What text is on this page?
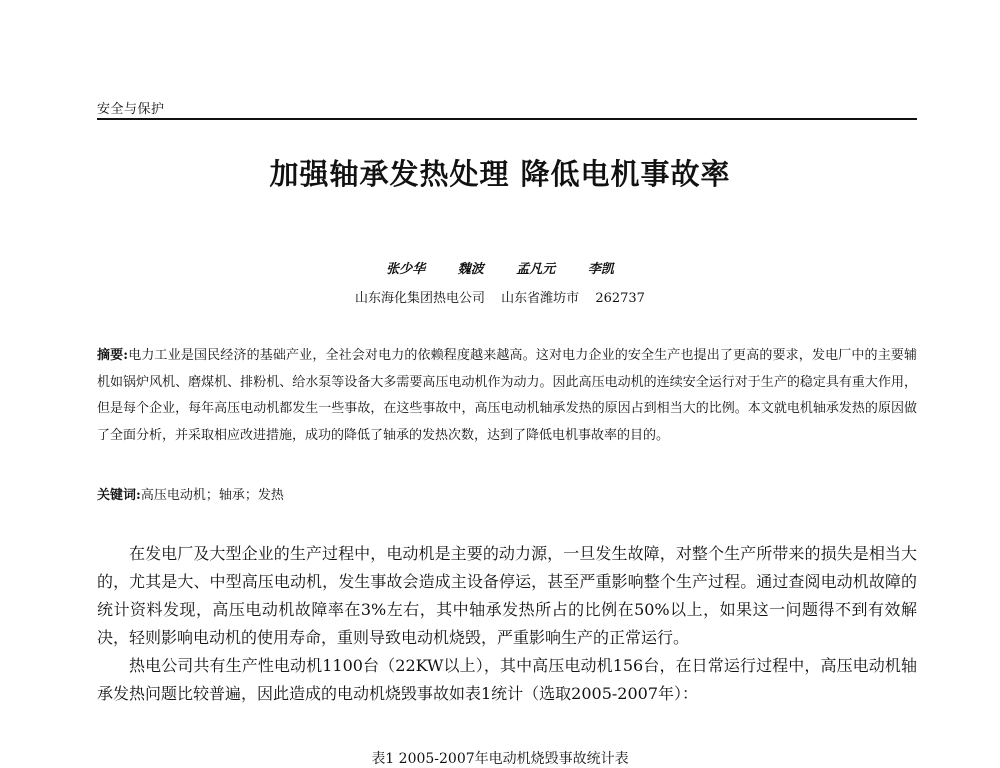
安全与保护
加强轴承发热处理 降低电机事故率
张少华	魏波	孟凡元	李凯
山东海化集团热电公司 山东省潍坊市 262737
摘要:电力工业是国民经济的基础产业，全社会对电力的依赖程度越来越高。这对电力企业的安全生产也提出了更高的要求，发电厂中的主要辅机如锅炉风机、磨煤机、排粉机、给水泵等设备大多需要高压电动机作为动力。因此高压电动机的连续安全运行对于生产的稳定具有重大作用，但是每个企业，每年高压电动机都发生一些事故，在这些事故中，高压电动机轴承发热的原因占到相当大的比例。本文就电机轴承发热的原因做了全面分析，并采取相应改进措施，成功的降低了轴承的发热次数，达到了降低电机事故率的目的。
关键词:高压电动机；轴承；发热

在发电厂及大型企业的生产过程中，电动机是主要的动力源，一旦发生故障，对整个生产所带来的损失是相当大的，尤其是大、中型高压电动机，发生事故会造成主设备停运，甚至严重影响整个生产过程。通过查阅电动机故障的统计资料发现，高压电动机故障率在3%左右，其中轴承发热所占的比例在50%以上，如果这一问题得不到有效解决，轻则影响电动机的使用寿命，重则导致电动机烧毁，严重影响生产的正常运行。

热电公司共有生产性电动机1100台（22KW以上），其中高压电动机156台，在日常运行过程中，高压电动机轴承发热问题比较普遍，因此造成的电动机烧毁事故如表1统计（选取2005-2007年）：

表1 2005-2007年电动机烧毁事故统计表
